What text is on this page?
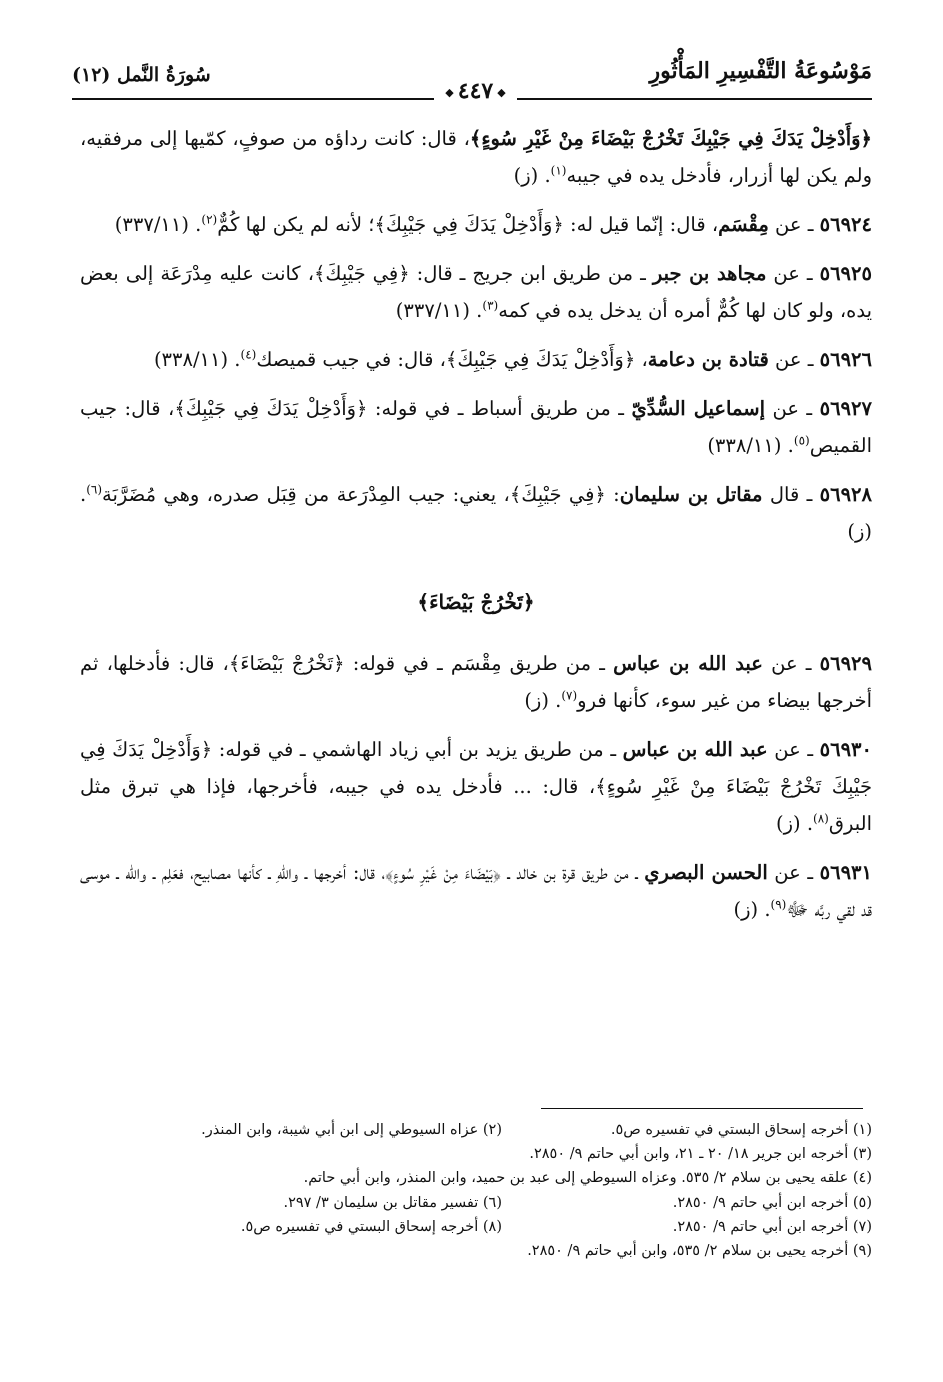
مَوْسُوعَةُ التَّفْسِيرِ المَأْثُورِ
◆ ٤٤٧ ◆
سُورَةُ النَّمل (١٢)

﴿وَأَدْخِلْ يَدَكَ فِي جَيْبِكَ تَخْرُجْ بَيْضَاءَ مِنْ غَيْرِ سُوءٍ﴾، قال: كانت رداؤه من صوفٍ، كمّيها إلى مرفقيه، ولم يكن لها أزرار، فأدخل يده في جيبه$^{(١)}$. (ز)

٥٦٩٢٤ ـ عن مِقْسَم، قال: إنّما قيل له: ﴿وَأَدْخِلْ يَدَكَ فِي جَيْبِكَ﴾؛ لأنه لم يكن لها كُمٌّ$^{(٢)}$. (٣٣٧/١١)

٥٦٩٢٥ ـ عن مجاهد بن جبر ـ من طريق ابن جريج ـ قال: ﴿فِي جَيْبِكَ﴾، كانت عليه مِدْرَعَة إلى بعض يده، ولو كان لها كُمٌّ أمره أن يدخل يده في كمه$^{(٣)}$. (٣٣٧/١١)

٥٦٩٢٦ ـ عن قتادة بن دعامة، ﴿وَأَدْخِلْ يَدَكَ فِي جَيْبِكَ﴾، قال: في جيب قميصك$^{(٤)}$. (٣٣٨/١١)

٥٦٩٢٧ ـ عن إسماعيل السُّدِّيّ ـ من طريق أسباط ـ في قوله: ﴿وَأَدْخِلْ يَدَكَ فِي جَيْبِكَ﴾، قال: جيب القميص$^{(٥)}$. (٣٣٨/١١)

٥٦٩٢٨ ـ قال مقاتل بن سليمان: ﴿فِي جَيْبِكَ﴾، يعني: جيب المِدْرَعة من قِبَل صدره، وهي مُضَرَّبَة$^{(٦)}$. (ز)

﴿تَخْرُجْ بَيْضَاءَ﴾

٥٦٩٢٩ ـ عن عبد الله بن عباس ـ من طريق مِقْسَم ـ في قوله: ﴿تَخْرُجْ بَيْضَاءَ﴾، قال: فأدخلها، ثم أخرجها بيضاء من غير سوء، كأنها فرو$^{(٧)}$. (ز)

٥٦٩٣٠ ـ عن عبد الله بن عباس ـ من طريق يزيد بن أبي زياد الهاشمي ـ في قوله: ﴿وَأَدْخِلْ يَدَكَ فِي جَيْبِكَ تَخْرُجْ بَيْضَاءَ مِنْ غَيْرِ سُوءٍ﴾، قال: ... فأدخل يده في جيبه، فأخرجها، فإذا هي تبرق مثل البرق$^{(٨)}$. (ز)

٥٦٩٣١ ـ عن الحسن البصري ـ من طريق قرة بن خالد ـ ﴿بَيْضَاءَ مِنْ غَيْرِ سُوءٍ﴾، قال: أخرجها ـ واللهِ ـ كأنها مصابيح، فعَلِم ـ والله ـ موسى قد لقي ربَّه ﷻ$^{(٩)}$. (ز)

(١) أخرجه إسحاق البستي في تفسيره ص٥.
(٢) عزاه السيوطي إلى ابن أبي شيبة، وابن المنذر.
(٣) أخرجه ابن جرير ١٨/ ٢٠ ـ ٢١، وابن أبي حاتم ٩/ ٢٨٥٠.
(٤) علقه يحيى بن سلام ٢/ ٥٣٥. وعزاه السيوطي إلى عبد بن حميد، وابن المنذر، وابن أبي حاتم.
(٥) أخرجه ابن أبي حاتم ٩/ ٢٨٥٠.
(٦) تفسير مقاتل بن سليمان ٣/ ٢٩٧.
(٧) أخرجه ابن أبي حاتم ٩/ ٢٨٥٠.
(٨) أخرجه إسحاق البستي في تفسيره ص٥.
(٩) أخرجه يحيى بن سلام ٢/ ٥٣٥، وابن أبي حاتم ٩/ ٢٨٥٠.
